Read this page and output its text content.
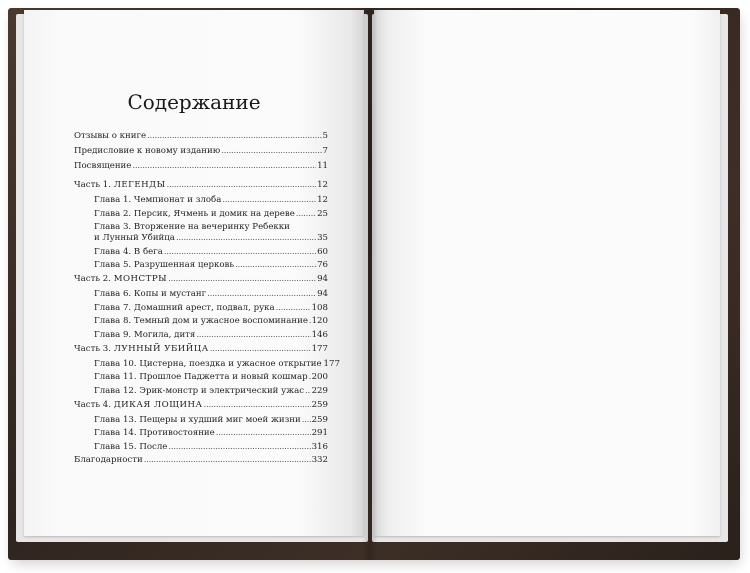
Содержание
Отзывы о книге . . .	5
Предисловие к новому изданию . . .	7
Посвящение . . .	11
Часть 1. ЛЕГЕНДЫ . . .	12
Глава 1. Чемпионат и злоба . . .	12
Глава 2. Персик, Ячмень и домик на дереве . . .	25
Глава 3. Вторжение на вечеринку Ребекки
и Лунный Убийца . . .	35
Глава 4. В бега . . .	60
Глава 5. Разрушенная церковь . . .	76
Часть 2. МОНСТРЫ . . .	94
Глава 6. Копы и мустанг . . .	94
Глава 7. Домашний арест, подвал, рука . . .	108
Глава 8. Темный дом и ужасное воспоминание . . . 120
Глава 9. Могила, дитя . . .	146
Часть 3. ЛУННЫЙ УБИЙЦА . . .	177
Глава 10. Цистерна, поездка и ужасное открытие 177
Глава 11. Прошлое Паджетта и новый кошмар . . . 200
Глава 12. Эрик-монстр и электрический ужас . . . 229
Часть 4. ДИКАЯ ЛОЩИНА . . .	259
Глава 13. Пещеры и худший миг моей жизни . . . 259
Глава 14. Противостояние . . .	291
Глава 15. После . . .	316
Благодарности . . .	332
